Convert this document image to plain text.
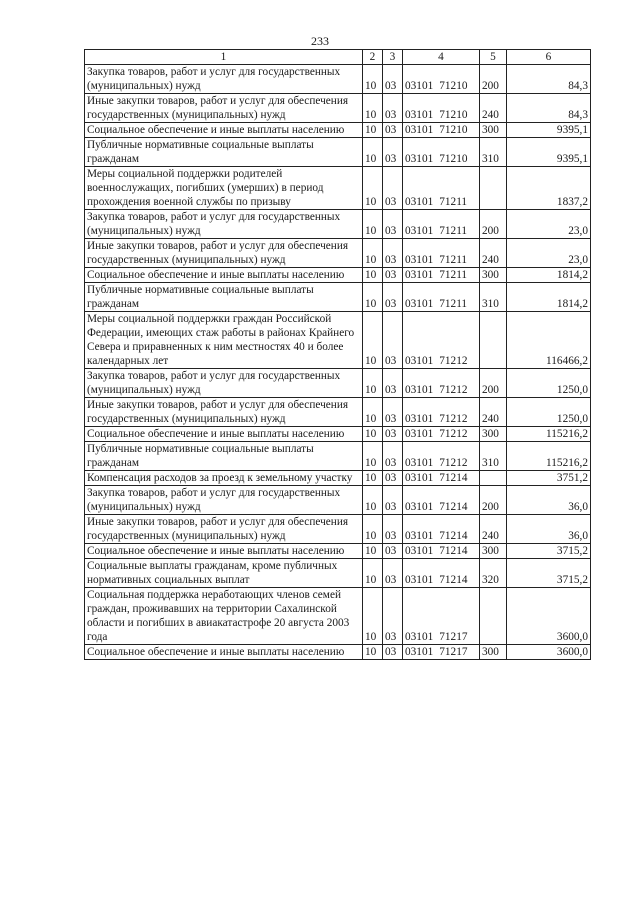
233
1	2	3	4	5	6
Закупка товаров, работ и услуг для государственных (муниципальных) нужд	10	03	03101 71210	200	84,3
Иные закупки товаров, работ и услуг для обеспечения государственных (муниципальных) нужд	10	03	03101 71210	240	84,3
Социальное обеспечение и иные выплаты населению	10	03	03101 71210	300	9395,1
Публичные нормативные социальные выплаты гражданам	10	03	03101 71210	310	9395,1
Меры социальной поддержки родителей военнослужащих, погибших (умерших) в период прохождения военной службы по призыву	10	03	03101 71211		1837,2
Закупка товаров, работ и услуг для государственных (муниципальных) нужд	10	03	03101 71211	200	23,0
Иные закупки товаров, работ и услуг для обеспечения государственных (муниципальных) нужд	10	03	03101 71211	240	23,0
Социальное обеспечение и иные выплаты населению	10	03	03101 71211	300	1814,2
Публичные нормативные социальные выплаты гражданам	10	03	03101 71211	310	1814,2
Меры социальной поддержки граждан Российской Федерации, имеющих стаж работы в районах Крайнего Севера и приравненных к ним местностях 40 и более календарных лет	10	03	03101 71212		116466,2
Закупка товаров, работ и услуг для государственных (муниципальных) нужд	10	03	03101 71212	200	1250,0
Иные закупки товаров, работ и услуг для обеспечения государственных (муниципальных) нужд	10	03	03101 71212	240	1250,0
Социальное обеспечение и иные выплаты населению	10	03	03101 71212	300	115216,2
Публичные нормативные социальные выплаты гражданам	10	03	03101 71212	310	115216,2
Компенсация расходов за проезд к земельному участку	10	03	03101 71214		3751,2
Закупка товаров, работ и услуг для государственных (муниципальных) нужд	10	03	03101 71214	200	36,0
Иные закупки товаров, работ и услуг для обеспечения государственных (муниципальных) нужд	10	03	03101 71214	240	36,0
Социальное обеспечение и иные выплаты населению	10	03	03101 71214	300	3715,2
Социальные выплаты гражданам, кроме публичных нормативных социальных выплат	10	03	03101 71214	320	3715,2
Социальная поддержка неработающих членов семей граждан, проживавших на территории Сахалинской области и погибших в авиакатастрофе 20 августа 2003 года	10	03	03101 71217		3600,0
Социальное обеспечение и иные выплаты населению	10	03	03101 71217	300	3600,0
